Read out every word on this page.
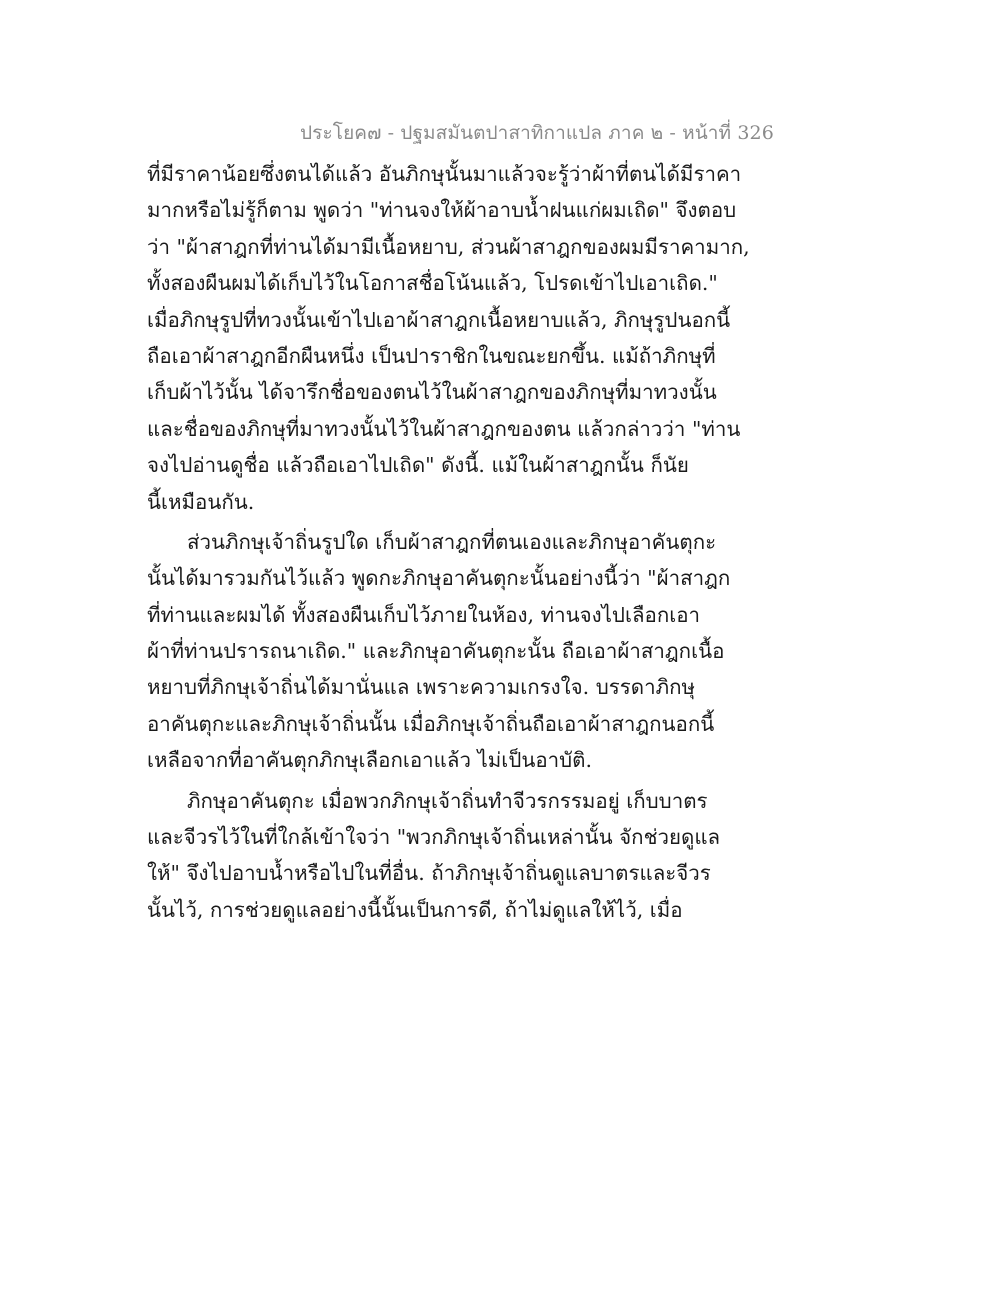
ประโยค๗ - ปฐมสมันตปาสาทิกาแปล ภาค ๒ - หน้าที่ 326
ที่มีราคาน้อยซึ่งตนได้แล้ว อันภิกษุนั้นมาแล้วจะรู้ว่าผ้าที่ตนได้มีราคา
มากหรือไม่รู้ก็ตาม พูดว่า "ท่านจงให้ผ้าอาบน้ำฝนแก่ผมเถิด" จึงตอบ
ว่า "ผ้าสาฎกที่ท่านได้มามีเนื้อหยาบ, ส่วนผ้าสาฎกของผมมีราคามาก,
ทั้งสองผืนผมได้เก็บไว้ในโอกาสชื่อโน้นแล้ว, โปรดเข้าไปเอาเถิด."
เมื่อภิกษุรูปที่ทวงนั้นเข้าไปเอาผ้าสาฎกเนื้อหยาบแล้ว, ภิกษุรูปนอกนี้
ถือเอาผ้าสาฎกอีกผืนหนึ่ง เป็นปาราชิกในขณะยกขึ้น. แม้ถ้าภิกษุที่
เก็บผ้าไว้นั้น ได้จารึกชื่อของตนไว้ในผ้าสาฎกของภิกษุที่มาทวงนั้น
และชื่อของภิกษุที่มาทวงนั้นไว้ในผ้าสาฎกของตน แล้วกล่าวว่า "ท่าน
จงไปอ่านดูชื่อ แล้วถือเอาไปเถิด" ดังนี้. แม้ในผ้าสาฎกนั้น ก็นัย
นี้เหมือนกัน.
ส่วนภิกษุเจ้าถิ่นรูปใด เก็บผ้าสาฎกที่ตนเองและภิกษุอาคันตุกะ
นั้นได้มารวมกันไว้แล้ว พูดกะภิกษุอาคันตุกะนั้นอย่างนี้ว่า "ผ้าสาฎก
ที่ท่านและผมได้ ทั้งสองผืนเก็บไว้ภายในห้อง, ท่านจงไปเลือกเอา
ผ้าที่ท่านปรารถนาเถิด." และภิกษุอาคันตุกะนั้น ถือเอาผ้าสาฎกเนื้อ
หยาบที่ภิกษุเจ้าถิ่นได้มานั่นแล เพราะความเกรงใจ. บรรดาภิกษุ
อาคันตุกะและภิกษุเจ้าถิ่นนั้น เมื่อภิกษุเจ้าถิ่นถือเอาผ้าสาฎกนอกนี้
เหลือจากที่อาคันตุกภิกษุเลือกเอาแล้ว ไม่เป็นอาบัติ.
ภิกษุอาคันตุกะ เมื่อพวกภิกษุเจ้าถิ่นทำจีวรกรรมอยู่ เก็บบาตร
และจีวรไว้ในที่ใกล้เข้าใจว่า "พวกภิกษุเจ้าถิ่นเหล่านั้น จักช่วยดูแล
ให้" จึงไปอาบน้ำหรือไปในที่อื่น. ถ้าภิกษุเจ้าถิ่นดูแลบาตรและจีวร
นั้นไว้, การช่วยดูแลอย่างนี้นั้นเป็นการดี, ถ้าไม่ดูแลให้ไว้, เมื่อ
